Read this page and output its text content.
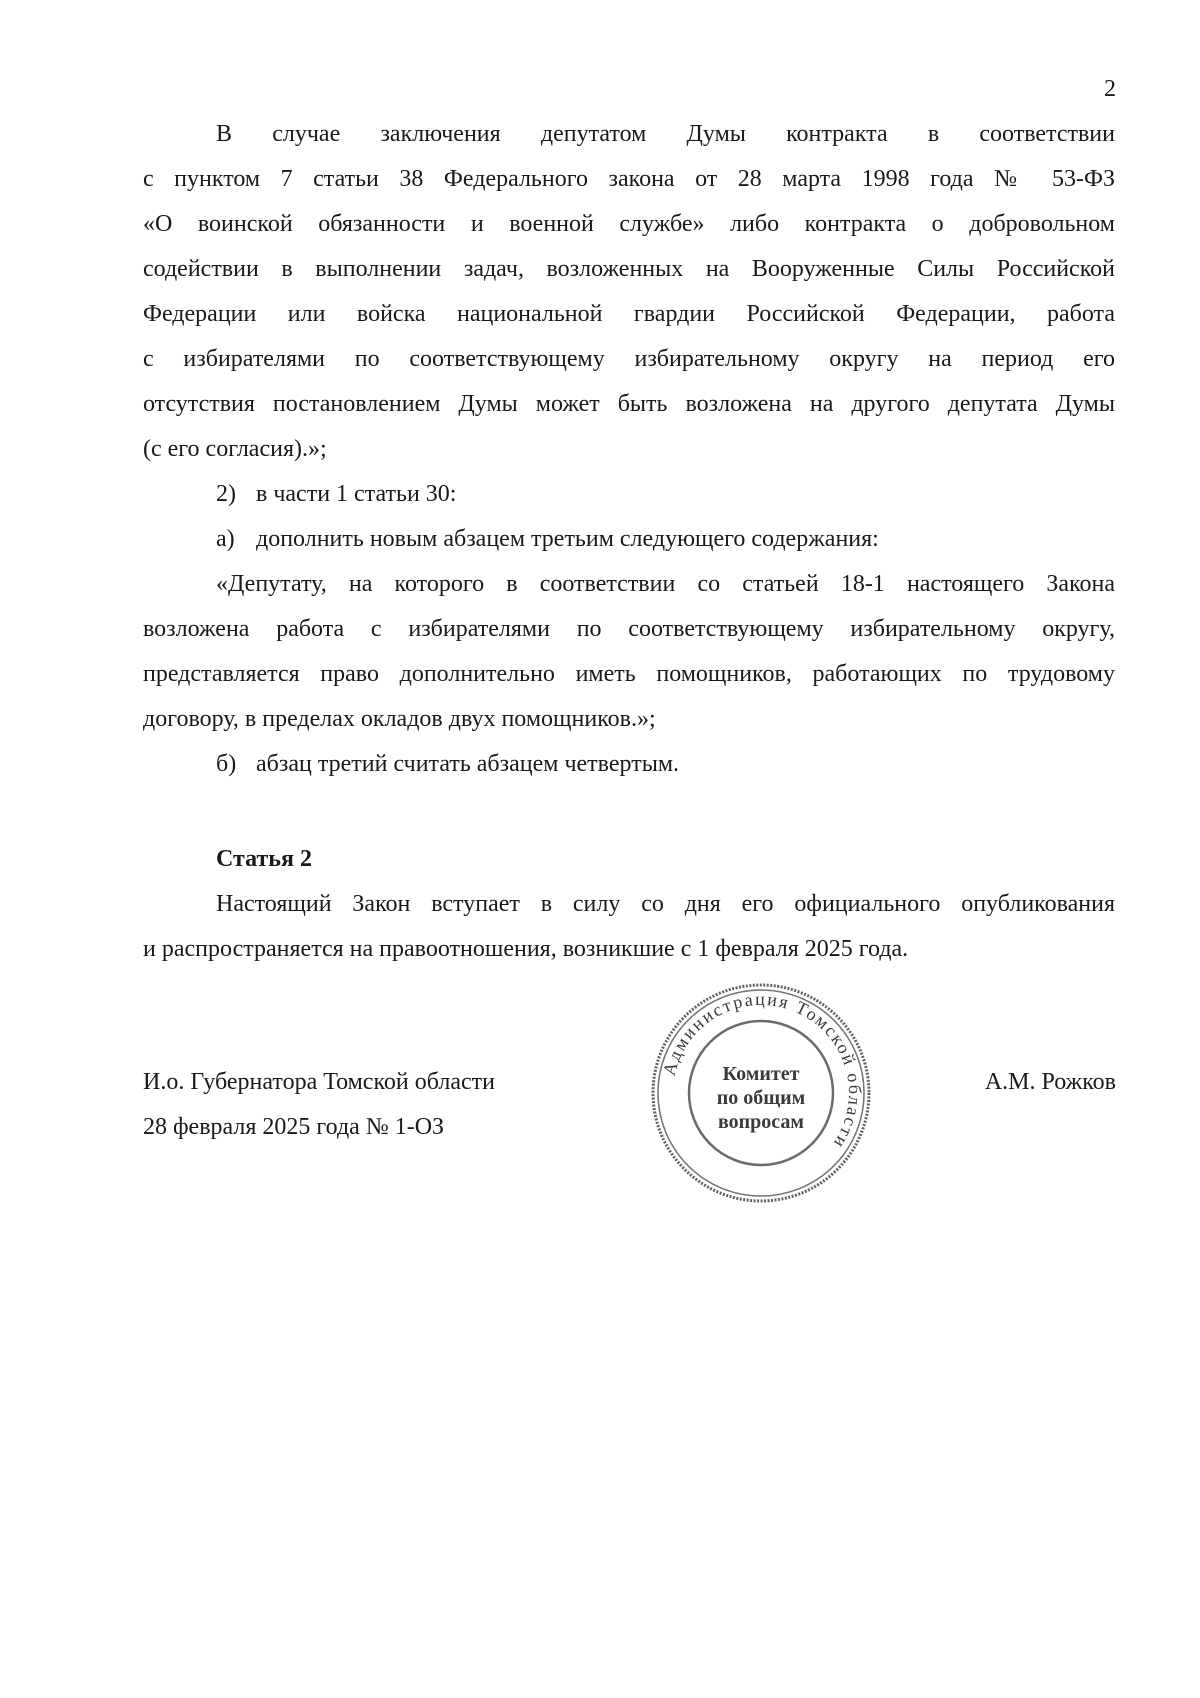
2

В случае заключения депутатом Думы контракта в соответствии

с пунктом 7 статьи 38 Федерального закона от 28 марта 1998 года № 53-ФЗ

«О воинской обязанности и военной службе» либо контракта о добровольном

содействии в выполнении задач, возложенных на Вооруженные Силы Российской

Федерации или войска национальной гвардии Российской Федерации, работа

с избирателями по соответствующему избирательному округу на период его

отсутствия постановлением Думы может быть возложена на другого депутата Думы

(с его согласия).»;

2) в части 1 статьи 30:

а) дополнить новым абзацем третьим следующего содержания:

«Депутату, на которого в соответствии со статьей 18-1 настоящего Закона

возложена работа с избирателями по соответствующему избирательному округу,

представляется право дополнительно иметь помощников, работающих по трудовому

договору, в пределах окладов двух помощников.»;

б) абзац третий считать абзацем четвертым.

Статья 2

Настоящий Закон вступает в силу со дня его официального опубликования

и распространяется на правоотношения, возникшие с 1 февраля 2025 года.

И.о. Губернатора Томской области
28 февраля 2025 года № 1-ОЗ
А.М. Рожков
Администрация Томской области
Комитет
по общим
вопросам
